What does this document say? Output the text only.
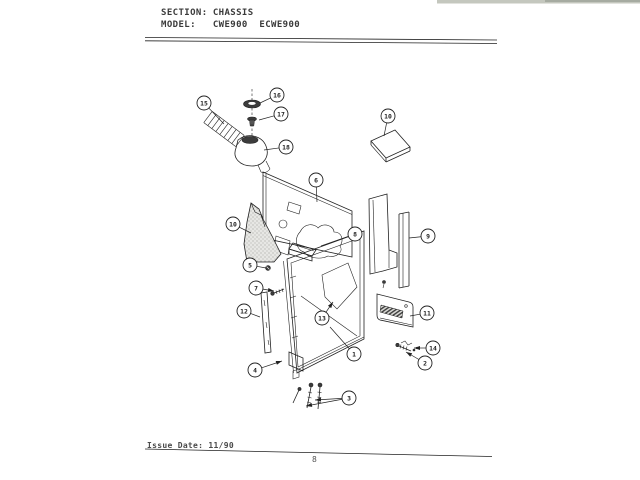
SECTION: CHASSIS
MODEL: CWE900  ECWE900
15
16
17
18
6
10
8
10
9
5
7
12
13
1
4
3
11
14
2
Issue Date: 11/90
8
